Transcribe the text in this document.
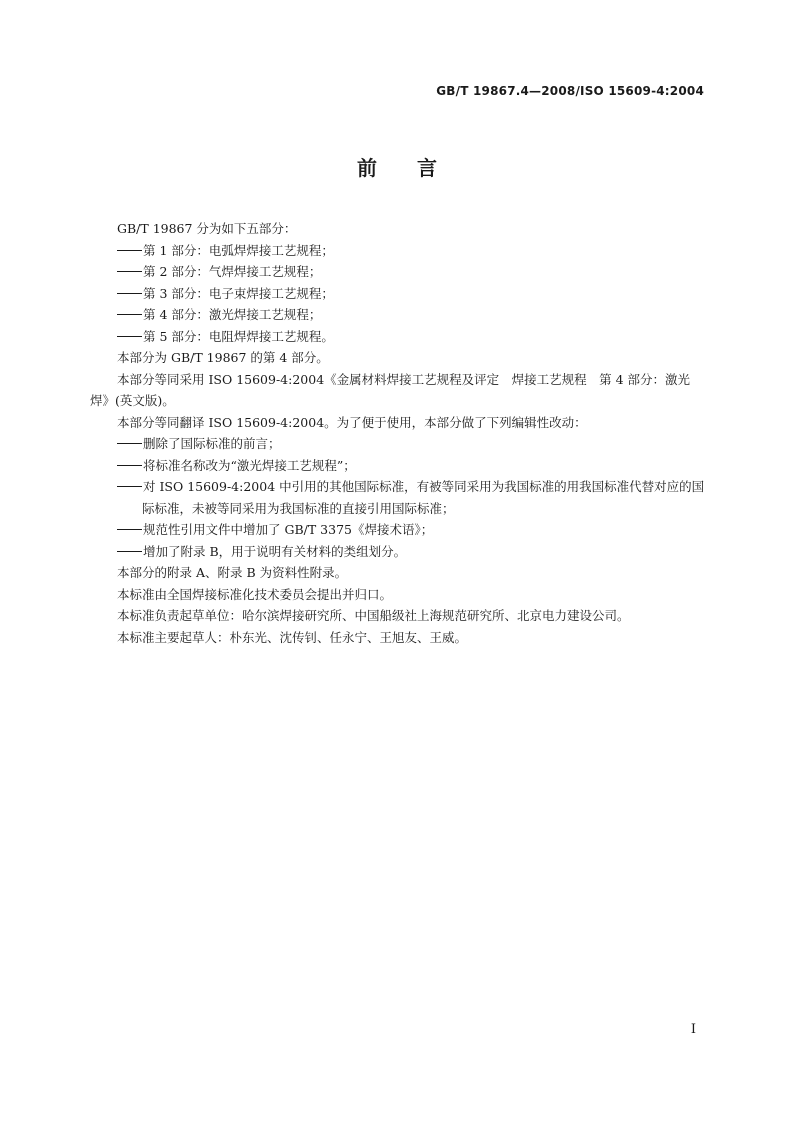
GB/T 19867.4—2008/ISO 15609-4:2004
前言

GB/T 19867 分为如下五部分：

第 1 部分：电弧焊焊接工艺规程；

第 2 部分：气焊焊接工艺规程；

第 3 部分：电子束焊接工艺规程；

第 4 部分：激光焊接工艺规程；

第 5 部分：电阻焊焊接工艺规程。

本部分为 GB/T 19867 的第 4 部分。

本部分等同采用 ISO 15609-4:2004《金属材料焊接工艺规程及评定　焊接工艺规程　第 4 部分：激光焊》(英文版)。

本部分等同翻译 ISO 15609-4:2004。为了便于使用，本部分做了下列编辑性改动：

删除了国际标准的前言；

将标准名称改为“激光焊接工艺规程”；

对 ISO 15609-4:2004 中引用的其他国际标准，有被等同采用为我国标准的用我国标准代替对应的国际标准，未被等同采用为我国标准的直接引用国际标准；

规范性引用文件中增加了 GB/T 3375《焊接术语》；

增加了附录 B，用于说明有关材料的类组划分。

本部分的附录 A、附录 B 为资料性附录。

本标准由全国焊接标准化技术委员会提出并归口。

本标准负责起草单位：哈尔滨焊接研究所、中国船级社上海规范研究所、北京电力建设公司。

本标准主要起草人：朴东光、沈传钊、任永宁、王旭友、王威。

I
